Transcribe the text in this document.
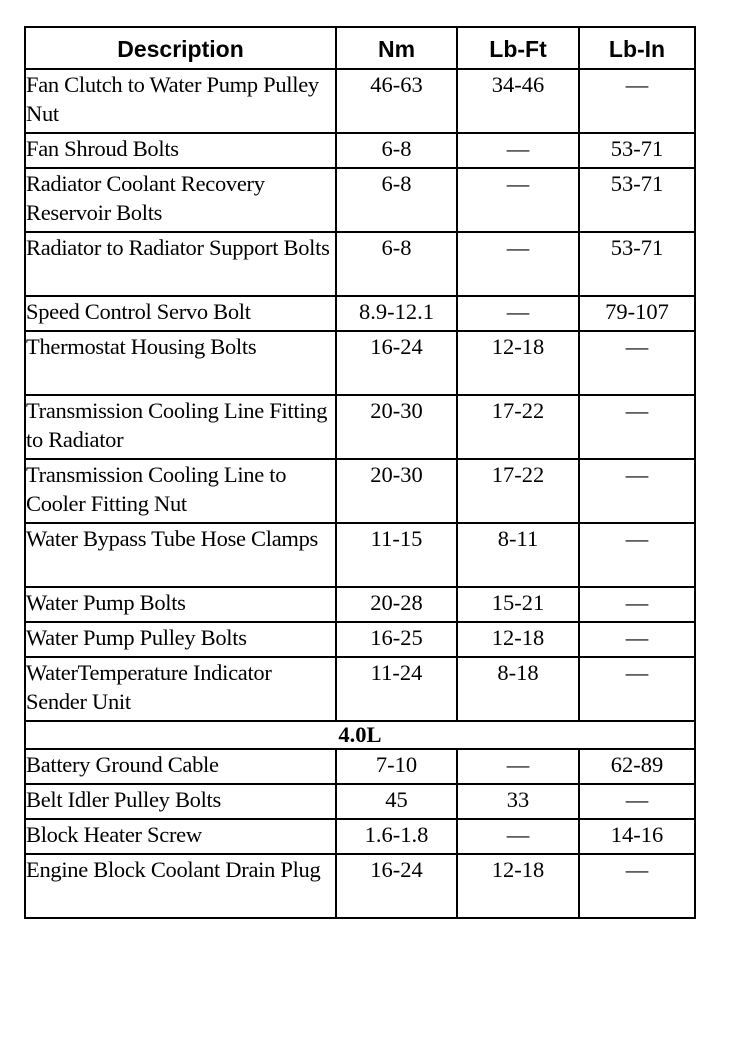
Description	Nm	Lb-Ft	Lb-In
Fan Clutch to Water Pump Pulley Nut	46-63	34-46	—
Fan Shroud Bolts	6-8	—	53-71
Radiator Coolant Recovery Reservoir Bolts	6-8	—	53-71
Radiator to Radiator Support Bolts	6-8	—	53-71
Speed Control Servo Bolt	8.9-12.1	—	79-107
Thermostat Housing Bolts	16-24	12-18	—
Transmission Cooling Line Fitting to Radiator	20-30	17-22	—
Transmission Cooling Line to Cooler Fitting Nut	20-30	17-22	—
Water Bypass Tube Hose Clamps	11-15	8-11	—
Water Pump Bolts	20-28	15-21	—
Water Pump Pulley Bolts	16-25	12-18	—
WaterTemperature Indicator Sender Unit	11-24	8-18	—
4.0L			
Battery Ground Cable	7-10	—	62-89
Belt Idler Pulley Bolts	45	33	—
Block Heater Screw	1.6-1.8	—	14-16
Engine Block Coolant Drain Plug	16-24	12-18	—
